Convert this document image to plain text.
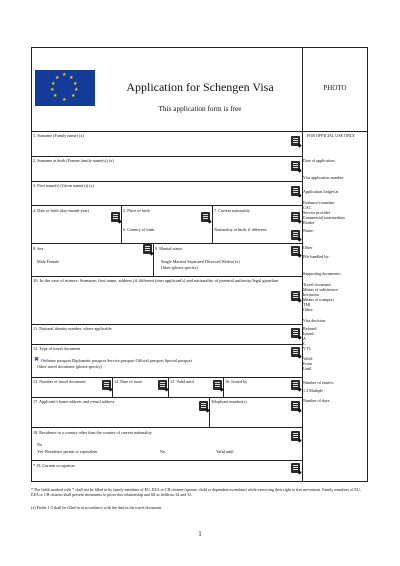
★
★ ★
★	★
★	★
★	★
★
Application for Schengen Visa
This application form is free
PHOTO
1. Surname (Family name) (x)
2. Surname at birth (Former family name(s)) (x)
3. First name(s) (Given name(s)) (x)
4. Date of birth (day-month-year)	5. Place of birth
6. Country of birth
7. Current nationality
Nationality at birth, if different:
8. Sex
Male Female
9. Marital status
Single Married Separated Divorced Widow(er)
Other (please specify)
10. In the case of minors: Surname, first name, address (if different from applicant's) and nationality of parental authority/legal guardian
11. National identity number, where applicable
12. Type of travel document
✖ Ordinary passport Diplomatic passport Service passport Official passport Special passport
Other travel document (please specify)
13. Number of travel document	14. Date of issue	15. Valid until	16. Issued by
17. Applicant's home address and e-mail address	Telephone number(s)
18. Residence in a country other than the country of current nationality
No
Yes. Residence permit or equivalent	No	Valid until
* 19. Current occupation
FOR OFFICIAL USE ONLY
Date of application:
Visa application number:
Application lodged at
Embassy/consulate
CAC
Service provider
Commercial intermediary
Border
Name:
Other
File handled by:
Supporting documents:
Travel document
Means of subsistence
Invitation
Means of transport
TMI
Other:
Visa decision:
Refused
Issued:
A
C
VTL
Valid:
From
Until
Number of entries:
1 2 Multiple
Number of days:
* The fields marked with * shall not be filled in by family members of EU, EEA or CH citizens (spouse, child or dependent ascendant) while exercising their right to free movement. Family members of EU, EEA or CH citizens shall present documents to prove this relationship and fill in fields no 34 and 35.
(x) Fields 1-3 shall be filled in in accordance with the data in the travel document.
1
